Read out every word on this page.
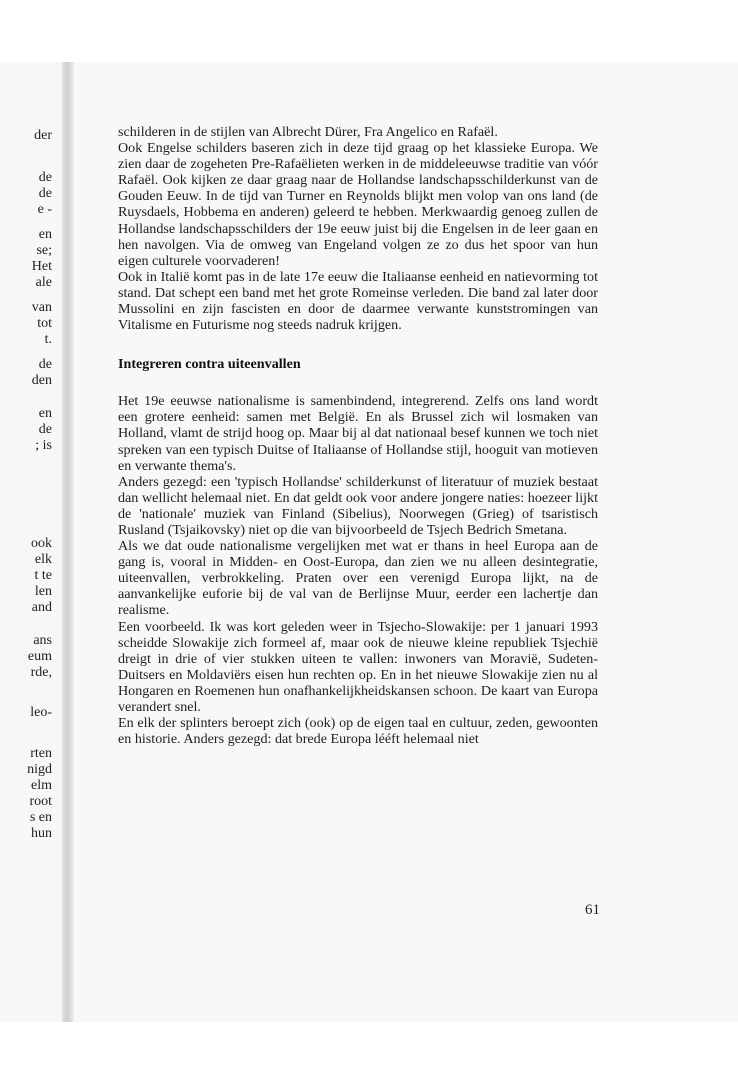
der
de
de
e -
en
se;
Het
ale
van
tot
t.
de
den
en
de
; is
ook
elk
t te
len
and
ans
eum
rde,
leo-
rten
nigd
elm
root
s en
hun

schilderen in de stijlen van Albrecht Dürer, Fra Angelico en Rafaël.

Ook Engelse schilders baseren zich in deze tijd graag op het klassieke Europa. We zien daar de zogeheten Pre-Rafaëlieten werken in de middeleeuwse traditie van vóór Rafaël. Ook kijken ze daar graag naar de Hollandse landschapsschilderkunst van de Gouden Eeuw. In de tijd van Turner en Reynolds blijkt men volop van ons land (de Ruysdaels, Hobbema en anderen) geleerd te hebben. Merkwaardig genoeg zullen de Hollandse landschapsschilders der 19e eeuw juist bij die Engelsen in de leer gaan en hen navolgen. Via de omweg van Engeland volgen ze zo dus het spoor van hun eigen culturele voorvaderen!

Ook in Italië komt pas in de late 17e eeuw die Italiaanse eenheid en natievorming tot stand. Dat schept een band met het grote Romeinse verleden. Die band zal later door Mussolini en zijn fascisten en door de daarmee verwante kunststromingen van Vitalisme en Futurisme nog steeds nadruk krijgen.

Integreren contra uiteenvallen

Het 19e eeuwse nationalisme is samenbindend, integrerend. Zelfs ons land wordt een grotere eenheid: samen met België. En als Brussel zich wil losmaken van Holland, vlamt de strijd hoog op. Maar bij al dat nationaal besef kunnen we toch niet spreken van een typisch Duitse of Italiaanse of Hollandse stijl, hooguit van motieven en verwante thema's.

Anders gezegd: een 'typisch Hollandse' schilderkunst of literatuur of muziek bestaat dan wellicht helemaal niet. En dat geldt ook voor andere jongere naties: hoezeer lijkt de 'nationale' muziek van Finland (Sibelius), Noorwegen (Grieg) of tsaristisch Rusland (Tsjaikovsky) niet op die van bijvoorbeeld de Tsjech Bedrich Smetana.

Als we dat oude nationalisme vergelijken met wat er thans in heel Europa aan de gang is, vooral in Midden- en Oost-Europa, dan zien we nu alleen desintegratie, uiteenvallen, verbrokkeling. Praten over een verenigd Europa lijkt, na de aanvankelijke euforie bij de val van de Berlijnse Muur, eerder een lachertje dan realisme.

Een voorbeeld. Ik was kort geleden weer in Tsjecho-Slowakije: per 1 januari 1993 scheidde Slowakije zich formeel af, maar ook de nieuwe kleine republiek Tsjechië dreigt in drie of vier stukken uiteen te vallen: inwoners van Moravië, Sudeten-Duitsers en Moldaviërs eisen hun rechten op. En in het nieuwe Slowakije zien nu al Hongaren en Roemenen hun onafhankelijkheidskansen schoon. De kaart van Europa verandert snel.

En elk der splinters beroept zich (ook) op de eigen taal en cultuur, zeden, gewoonten en historie. Anders gezegd: dat brede Europa lééft helemaal niet

61
